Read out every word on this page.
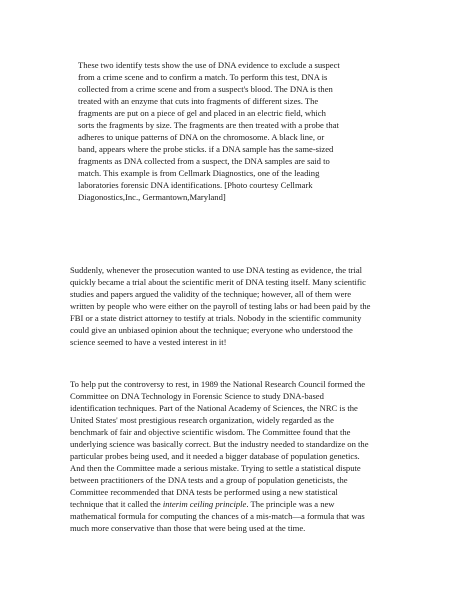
These two identify tests show the use of DNA evidence to exclude a suspect
from a crime scene and to confirm a match. To perform this test, DNA is
collected from a crime scene and from a suspect's blood. The DNA is then
treated with an enzyme that cuts into fragments of different sizes. The
fragments are put on a piece of gel and placed in an electric field, which
sorts the fragments by size. The fragments are then treated with a probe that
adheres to unique patterns of DNA on the chromosome. A black line, or
band, appears where the probe sticks. if a DNA sample has the same-sized
fragments as DNA collected from a suspect, the DNA samples are said to
match. This example is from Cellmark Diagnostics, one of the leading
laboratories forensic DNA identifications. [Photo courtesy Cellmark
Diagonostics,Inc., Germantown,Maryland]
Suddenly, whenever the prosecution wanted to use DNA testing as evidence, the trial
quickly became a trial about the scientific merit of DNA testing itself. Many scientific
studies and papers argued the validity of the technique; however, all of them were
written by people who were either on the payroll of testing labs or had been paid by the
FBI or a state district attorney to testify at trials. Nobody in the scientific community
could give an unbiased opinion about the technique; everyone who understood the
science seemed to have a vested interest in it!
To help put the controversy to rest, in 1989 the National Research Council formed the
Committee on DNA Technology in Forensic Science to study DNA-based
identification techniques. Part of the National Academy of Sciences, the NRC is the
United States' most prestigious research organization, widely regarded as the
benchmark of fair and objective scientific wisdom. The Committee found that the
underlying science was basically correct. But the industry needed to standardize on the
particular probes being used, and it needed a bigger database of population genetics.
And then the Committee made a serious mistake. Trying to settle a statistical dispute
between practitioners of the DNA tests and a group of population geneticists, the
Committee recommended that DNA tests be performed using a new statistical
technique that it called the interim ceiling principle. The principle was a new
mathematical formula for computing the chances of a mis-match—a formula that was
much more conservative than those that were being used at the time.
